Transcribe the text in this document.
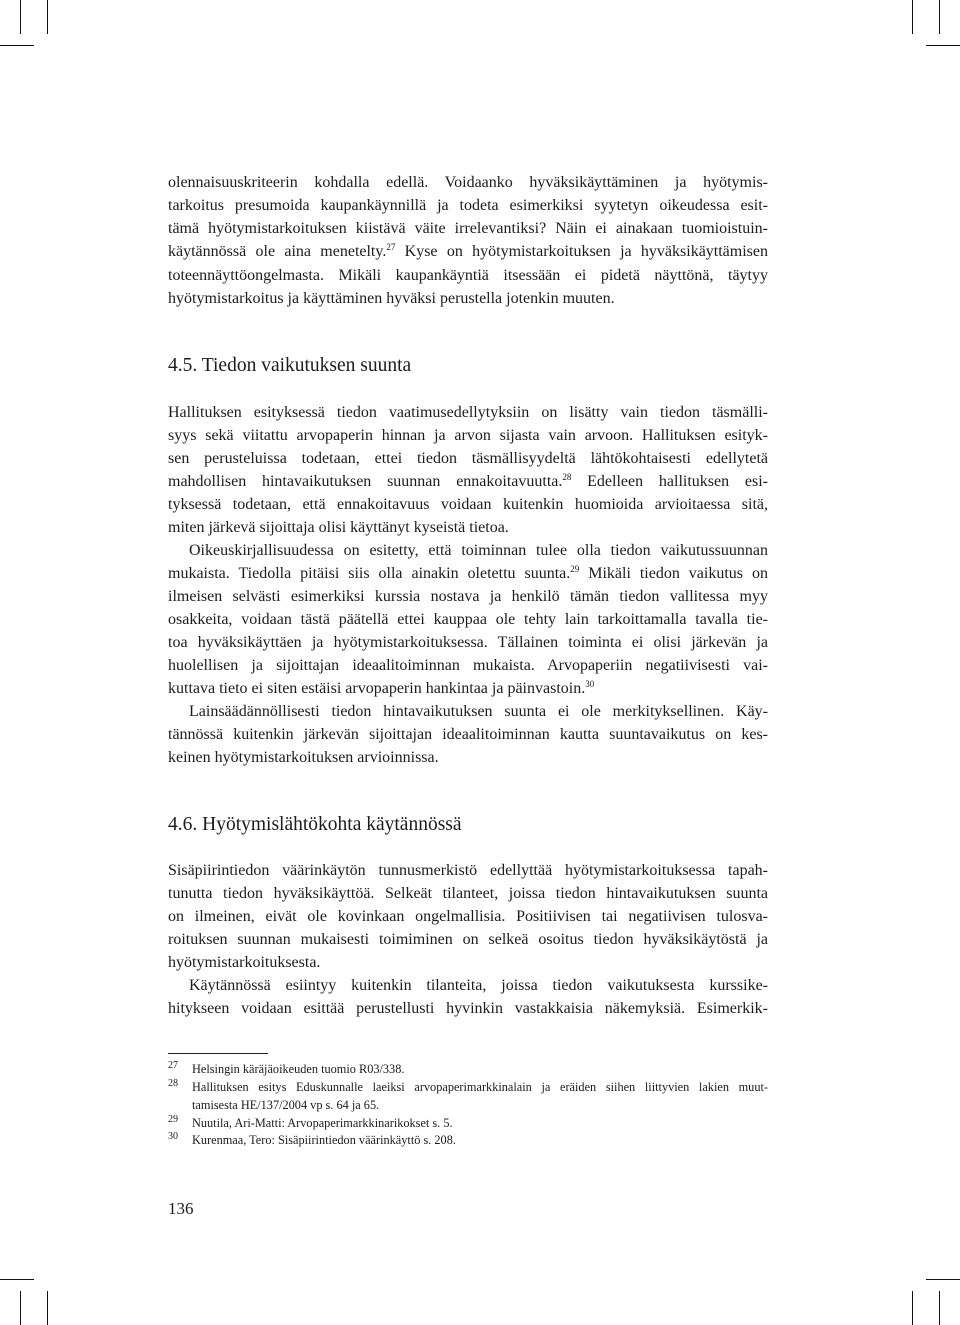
olennaisuuskriteerin kohdalla edellä. Voidaanko hyväksikäyttäminen ja hyötymis-
tarkoitus presumoida kaupankäynnillä ja todeta esimerkiksi syytetyn oikeudessa esit-
tämä hyötymistarkoituksen kiistävä väite irrelevantiksi? Näin ei ainakaan tuomioistuin-
käytännössä ole aina menetelty.$^{27}$ Kyse on hyötymistarkoituksen ja hyväksikäyttämisen
toteennäyttöongelmasta. Mikäli kaupankäyntiä itsessään ei pidetä näyttönä, täytyy
hyötymistarkoitus ja käyttäminen hyväksi perustella jotenkin muuten.
4.5. Tiedon vaikutuksen suunta
Hallituksen esityksessä tiedon vaatimusedellytyksiin on lisätty vain tiedon täsmälli-
syys sekä viitattu arvopaperin hinnan ja arvon sijasta vain arvoon. Hallituksen esityk-
sen perusteluissa todetaan, ettei tiedon täsmällisyydeltä lähtökohtaisesti edellytetä
mahdollisen hintavaikutuksen suunnan ennakoitavuutta.$^{28}$ Edelleen hallituksen esi-
tyksessä todetaan, että ennakoitavuus voidaan kuitenkin huomioida arvioitaessa sitä,
miten järkevä sijoittaja olisi käyttänyt kyseistä tietoa.
Oikeuskirjallisuudessa on esitetty, että toiminnan tulee olla tiedon vaikutussuunnan
mukaista. Tiedolla pitäisi siis olla ainakin oletettu suunta.$^{29}$ Mikäli tiedon vaikutus on
ilmeisen selvästi esimerkiksi kurssia nostava ja henkilö tämän tiedon vallitessa myy
osakkeita, voidaan tästä päätellä ettei kauppaa ole tehty lain tarkoittamalla tavalla tie-
toa hyväksikäyttäen ja hyötymistarkoituksessa. Tällainen toiminta ei olisi järkevän ja
huolellisen ja sijoittajan ideaalitoiminnan mukaista. Arvopaperiin negatiivisesti vai-
kuttava tieto ei siten estäisi arvopaperin hankintaa ja päinvastoin.$^{30}$
Lainsäädännöllisesti tiedon hintavaikutuksen suunta ei ole merkityksellinen. Käy-
tännössä kuitenkin järkevän sijoittajan ideaalitoiminnan kautta suuntavaikutus on kes-
keinen hyötymistarkoituksen arvioinnissa.
4.6. Hyötymislähtökohta käytännössä
Sisäpiirintiedon väärinkäytön tunnusmerkistö edellyttää hyötymistarkoituksessa tapah-
tunutta tiedon hyväksikäyttöä. Selkeät tilanteet, joissa tiedon hintavaikutuksen suunta
on ilmeinen, eivät ole kovinkaan ongelmallisia. Positiivisen tai negatiivisen tulosva-
roituksen suunnan mukaisesti toimiminen on selkeä osoitus tiedon hyväksikäytöstä ja
hyötymistarkoituksesta.
Käytännössä esiintyy kuitenkin tilanteita, joissa tiedon vaikutuksesta kurssike-
hitykseen voidaan esittää perustellusti hyvinkin vastakkaisia näkemyksiä. Esimerkik-
27 Helsingin käräjäoikeuden tuomio R03/338.
28 Hallituksen esitys Eduskunnalle laeiksi arvopaperimarkkinalain ja eräiden siihen liittyvien lakien muut-
tamisesta HE/137/2004 vp s. 64 ja 65.
29 Nuutila, Ari-Matti: Arvopaperimarkkinarikokset s. 5.
30 Kurenmaa, Tero: Sisäpiirintiedon väärinkäyttö s. 208.
136
